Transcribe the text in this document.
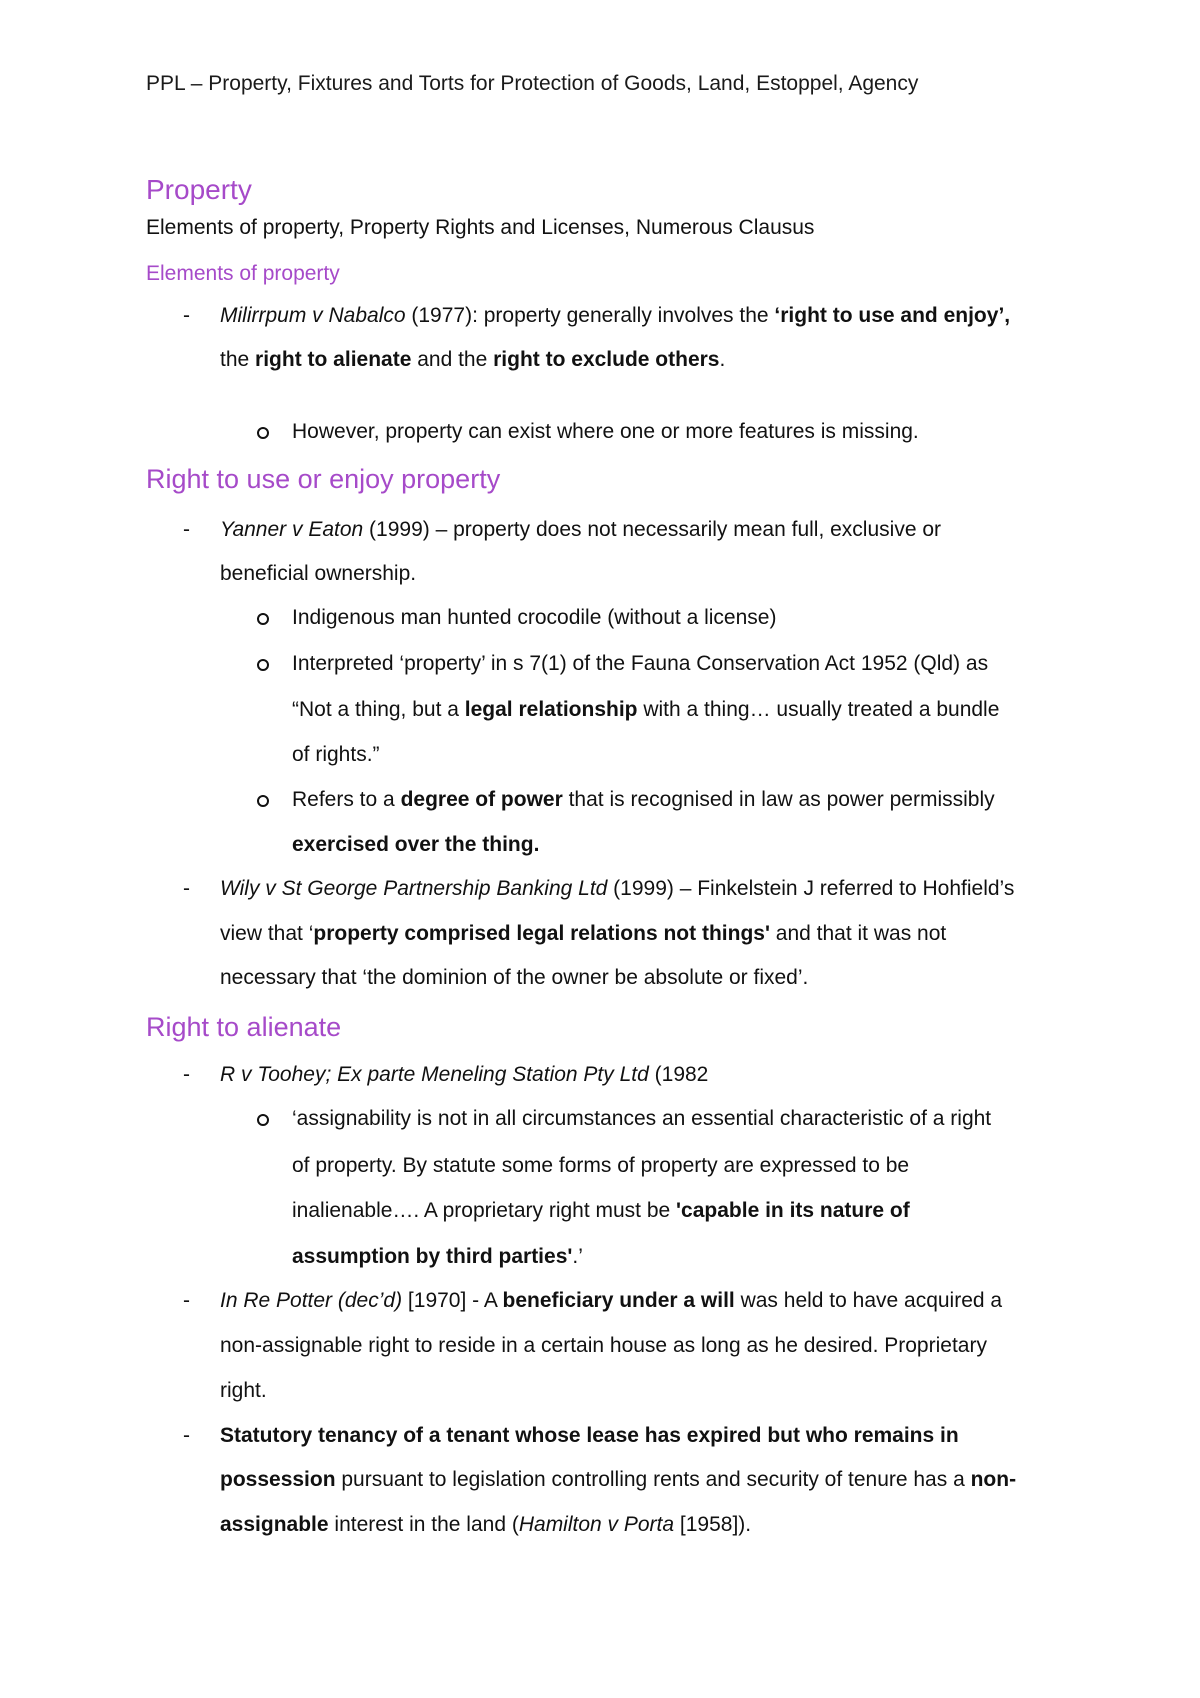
PPL – Property, Fixtures and Torts for Protection of Goods, Land, Estoppel, Agency
Property
Elements of property, Property Rights and Licenses, Numerous Clausus
Elements of property
- Milirrpum v Nabalco (1977): property generally involves the ‘right to use and enjoy’,
the right to alienate and the right to exclude others.
However, property can exist where one or more features is missing.
Right to use or enjoy property
- Yanner v Eaton (1999) – property does not necessarily mean full, exclusive or
beneficial ownership.
Indigenous man hunted crocodile (without a license)
Interpreted ‘property’ in s 7(1) of the Fauna Conservation Act 1952 (Qld) as
“Not a thing, but a legal relationship with a thing… usually treated a bundle
of rights.”
Refers to a degree of power that is recognised in law as power permissibly
exercised over the thing.
- Wily v St George Partnership Banking Ltd (1999) – Finkelstein J referred to Hohfield’s
view that ‘property comprised legal relations not things' and that it was not
necessary that ‘the dominion of the owner be absolute or fixed’.
Right to alienate
- R v Toohey; Ex parte Meneling Station Pty Ltd (1982
‘assignability is not in all circumstances an essential characteristic of a right
of property. By statute some forms of property are expressed to be
inalienable…. A proprietary right must be 'capable in its nature of
assumption by third parties'.’
- In Re Potter (dec’d) [1970] - A beneficiary under a will was held to have acquired a
non-assignable right to reside in a certain house as long as he desired. Proprietary
right.
- Statutory tenancy of a tenant whose lease has expired but who remains in
possession pursuant to legislation controlling rents and security of tenure has a non-
assignable interest in the land (Hamilton v Porta [1958]).
